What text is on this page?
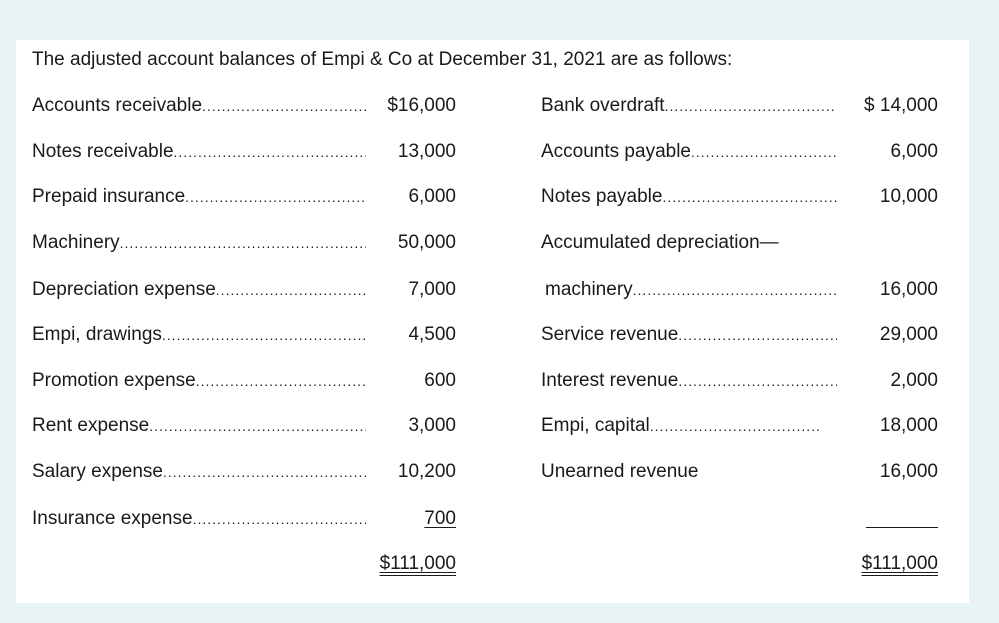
The adjusted account balances of Empi & Co at December 31, 2021 are as follows:
Accounts receivable .....	$16,000
Notes receivable .....	13,000
Prepaid insurance .....	6,000
Machinery .....	50,000
Depreciation expense .....	7,000
Empi, drawings .....	4,500
Promotion expense .....	600
Rent expense .....	3,000
Salary expense .....	10,200
Insurance expense .....	700
$111,000
Bank overdraft .....	$ 14,000
Accounts payable .....	6,000
Notes payable .....	10,000
Accumulated depreciation—
machinery .....	16,000
Service revenue .....	29,000
Interest revenue .....	2,000
Empi, capital .....	18,000
Unearned revenue	16,000
$111,000
